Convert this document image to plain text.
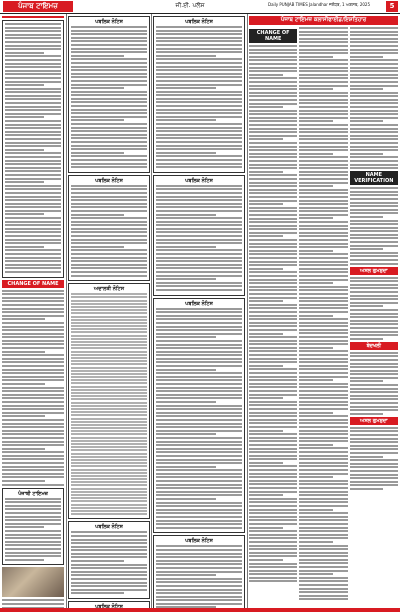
ਪੰਜਾਬ ਟਾਇਮਜ਼	ਜੀ.ਈ. ਪਲੱਸ	Daily PUNJAB TIMES Jalandhar ਜਲੰਧਰ, 1 ਅਗਸਤ, 2025	5
CHANGE OF NAME
ਪੰਜਾਬੀ ਟਾਇਮਜ਼
ਪਬਲਿਕ ਨੋਟਿਸ
ਪਬਲਿਕ ਨੋਟਿਸ
ਅਦਾਲਤੀ ਨੋਟਿਸ
ਪਬਲਿਕ ਨੋਟਿਸ
ਪਬਲਿਕ ਨੋਟਿਸ
ਪਬਲਿਕ ਨੋਟਿਸ
ਪਬਲਿਕ ਨੋਟਿਸ
ਪਬਲਿਕ ਨੋਟਿਸ
ਪਬਲਿਕ ਨੋਟਿਸ
ਪੰਜਾਬ ਟਾਇਮਜ਼ ਕਲਾਸੀਫਾਈਡ/ਇਸ਼ਤਿਹਾਰ
CHANGE OF NAME
NAME VERIFICATION
ਅਸਲ ਗੁਮਸ਼ੁਦਾ
ਬੇਦਖਲੀ
ਅਸਲ ਗੁਮਸ਼ੁਦਾ
